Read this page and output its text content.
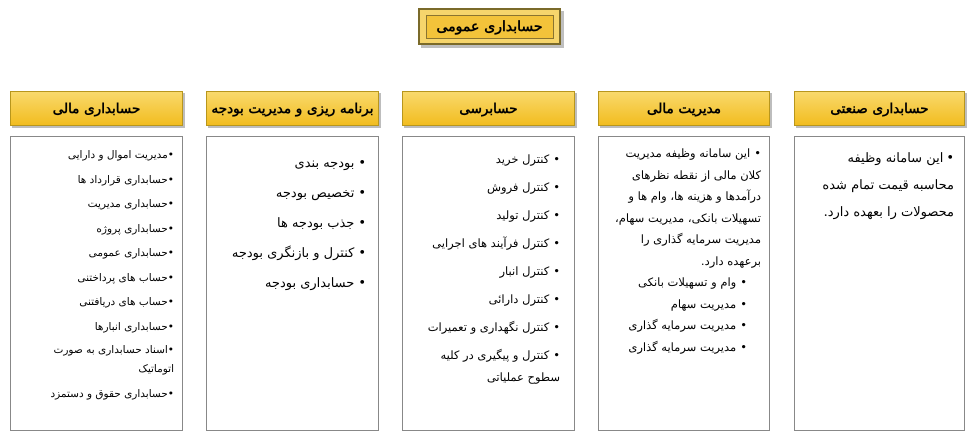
حسابداری عمومی
حسابداری صنعتی
• این سامانه وظیفه محاسبه قیمت تمام شده محصولات را بعهده دارد.
مدیریت مالی
• این سامانه وظیفه مدیریت کلان مالی از نقطه نظرهای درآمدها و هزینه ها، وام ها و تسهیلات بانکی، مدیریت سهام، مدیریت سرمایه گذاری را برعهده دارد.
• وام و تسهیلات بانکی
• مدیریت سهام
• مدیریت سرمایه گذاری
• مدیریت سرمایه گذاری
حسابرسی
• کنترل خرید
• کنترل فروش
• کنترل تولید
• کنترل فرآیند های اجرایی
• کنترل انبار
• کنترل دارائی
• کنترل نگهداری و تعمیرات
• کنترل و پیگیری در کلیه سطوح عملیاتی
برنامه ریزی و مدیریت بودجه
• بودجه بندی
• تخصیص بودجه
• جذب بودجه ها
• کنترل و بازنگری بودجه
• حسابداری بودجه
حسابداری مالی
• مدیریت اموال و دارایی
• حسابداری قرارداد ها
• حسابداری مدیریت
• حسابداری پروژه
• حسابداری عمومی
• حساب های پرداختنی
• حساب های دریافتنی
• حسابداری انبارها
• اسناد حسابداری به صورت اتوماتیک
• حسابداری حقوق و دستمزد
